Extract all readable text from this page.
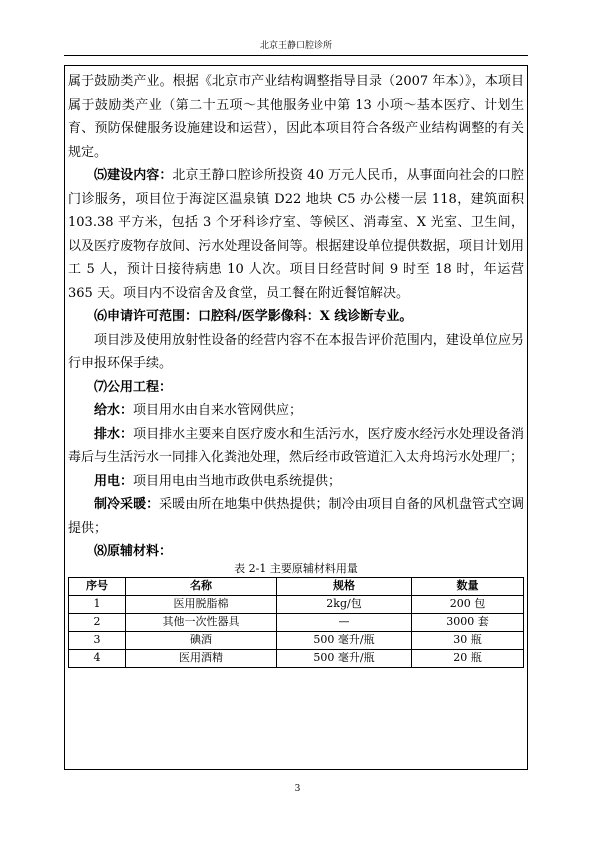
北京王静口腔诊所

属于鼓励类产业。根据《北京市产业结构调整指导目录（2007 年本）》，本项目属于鼓励类产业（第二十五项～其他服务业中第 13 小项～基本医疗、计划生育、预防保健服务设施建设和运营），因此本项目符合各级产业结构调整的有关规定。

⑸建设内容：北京王静口腔诊所投资 40 万元人民币，从事面向社会的口腔门诊服务，项目位于海淀区温泉镇 D22 地块 C5 办公楼一层 118，建筑面积 103.38 平方米，包括 3 个牙科诊疗室、等候区、消毒室、X 光室、卫生间，以及医疗废物存放间、污水处理设备间等。根据建设单位提供数据，项目计划用工 5 人，预计日接待病患 10 人次。项目日经营时间 9 时至 18 时，年运营 365 天。项目内不设宿舍及食堂，员工餐在附近餐馆解决。

⑹申请许可范围：口腔科/医学影像科：X 线诊断专业。

项目涉及使用放射性设备的经营内容不在本报告评价范围内，建设单位应另行申报环保手续。

⑺公用工程：

给水：项目用水由自来水管网供应；

排水：项目排水主要来自医疗废水和生活污水，医疗废水经污水处理设备消毒后与生活污水一同排入化粪池处理，然后经市政管道汇入太舟坞污水处理厂；

用电：项目用电由当地市政供电系统提供；

制冷采暖：采暖由所在地集中供热提供；制冷由项目自备的风机盘管式空调提供；

⑻原辅材料：

表 2-1 主要原辅材料用量
序号	名称	规格	数量
1	医用脱脂棉	2kg/包	200 包
2	其他一次性器具	—	3000 套
3	碘酒	500 毫升/瓶	30 瓶
4	医用酒精	500 毫升/瓶	20 瓶
3
